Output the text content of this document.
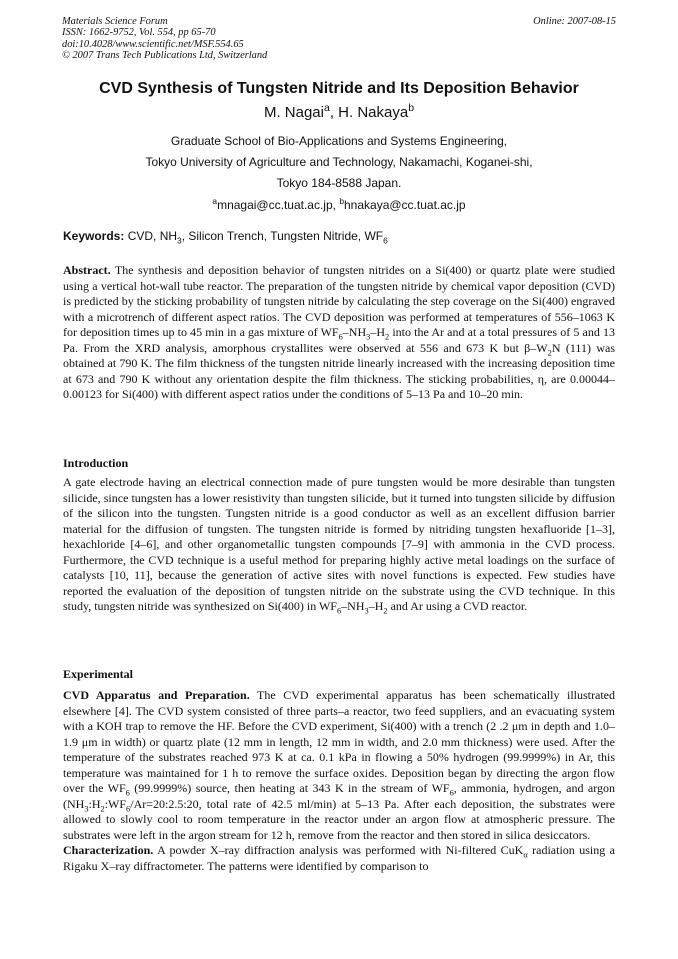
Materials Science Forum
ISSN: 1662-9752, Vol. 554, pp 65-70
doi:10.4028/www.scientific.net/MSF.554.65
© 2007 Trans Tech Publications Ltd, Switzerland
Online: 2007-08-15
CVD Synthesis of Tungsten Nitride and Its Deposition Behavior
M. Nagai$^a$, H. Nakaya$^b$
Graduate School of Bio-Applications and Systems Engineering,
Tokyo University of Agriculture and Technology, Nakamachi, Koganei-shi,
Tokyo 184-8588 Japan.
$^a$mnagai@cc.tuat.ac.jp, $^b$hnakaya@cc.tuat.ac.jp
Keywords: CVD, $NH_3$, Silicon Trench, Tungsten Nitride, $WF_6$

Abstract. The synthesis and deposition behavior of tungsten nitrides on a Si(400) or quartz plate were studied using a vertical hot-wall tube reactor. The preparation of the tungsten nitride by chemical vapor deposition (CVD) is predicted by the sticking probability of tungsten nitride by calculating the step coverage on the Si(400) engraved with a microtrench of different aspect ratios. The CVD deposition was performed at temperatures of 556–1063 K for deposition times up to 45 min in a gas mixture of $WF_6-NH_3-H_2$ into the Ar and at a total pressures of 5 and 13 Pa. From the XRD analysis, amorphous crystallites were observed at 556 and 673 K but $\beta-W_2N$ (111) was obtained at 790 K. The film thickness of the tungsten nitride linearly increased with the increasing deposition time at 673 and 790 K without any orientation despite the film thickness. The sticking probabilities, η, are 0.00044–0.00123 for Si(400) with different aspect ratios under the conditions of 5–13 Pa and 10–20 min.

Introduction

A gate electrode having an electrical connection made of pure tungsten would be more desirable than tungsten silicide, since tungsten has a lower resistivity than tungsten silicide, but it turned into tungsten silicide by diffusion of the silicon into the tungsten. Tungsten nitride is a good conductor as well as an excellent diffusion barrier material for the diffusion of tungsten. The tungsten nitride is formed by nitriding tungsten hexafluoride [1–3], hexachloride [4–6], and other organometallic tungsten compounds [7–9] with ammonia in the CVD process. Furthermore, the CVD technique is a useful method for preparing highly active metal loadings on the surface of catalysts [10, 11], because the generation of active sites with novel functions is expected. Few studies have reported the evaluation of the deposition of tungsten nitride on the substrate using the CVD technique. In this study, tungsten nitride was synthesized on Si(400) in $WF_6-NH_3-H_2$ and Ar using a CVD reactor.

Experimental

CVD Apparatus and Preparation. The CVD experimental apparatus has been schematically illustrated elsewhere [4]. The CVD system consisted of three parts–a reactor, two feed suppliers, and an evacuating system with a KOH trap to remove the HF. Before the CVD experiment, Si(400) with a trench (2 .2 μm in depth and 1.0–1.9 μm in width) or quartz plate (12 mm in length, 12 mm in width, and 2.0 mm thickness) were used. After the temperature of the substrates reached 973 K at ca. 0.1 kPa in flowing a 50% hydrogen (99.9999%) in Ar, this temperature was maintained for 1 h to remove the surface oxides. Deposition began by directing the argon flow over the $WF_6$ (99.9999%) source, then heating at 343 K in the stream of $WF_6$, ammonia, hydrogen, and argon ($NH_3:H_2:WF_6/Ar=20:2.5:20$, total rate of 42.5 ml/min) at 5–13 Pa. After each deposition, the substrates were allowed to slowly cool to room temperature in the reactor under an argon flow at atmospheric pressure. The substrates were left in the argon stream for 12 h, remove from the reactor and then stored in silica desiccators.

Characterization. A powder X–ray diffraction analysis was performed with Ni-filtered CuK$_\alpha$ radiation using a Rigaku X–ray diffractometer. The patterns were identified by comparison to
